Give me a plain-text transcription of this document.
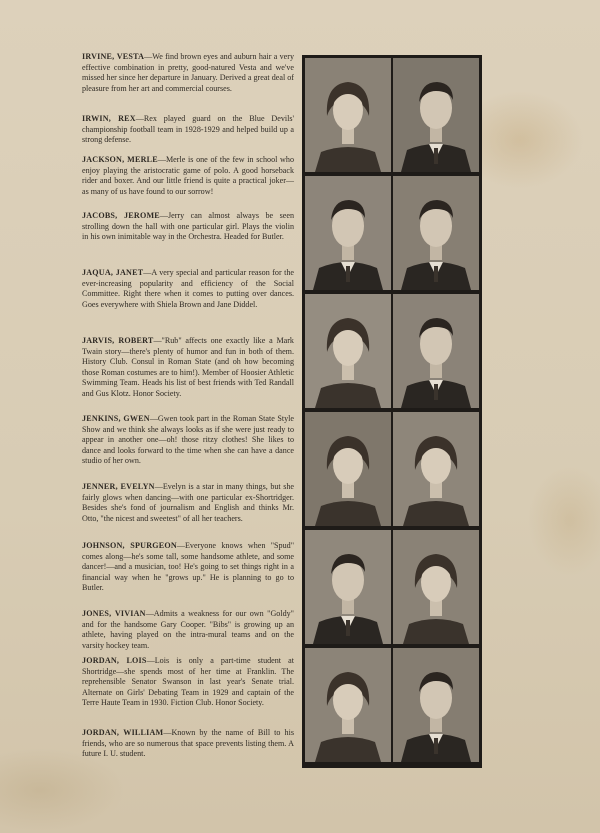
IRVINE, VESTA—We find brown eyes and auburn hair a very effective combination in pretty, good-natured Vesta and we've missed her since her departure in January. Derived a great deal of pleasure from her art and commercial courses.

IRWIN, REX—Rex played guard on the Blue Devils' championship football team in 1928-1929 and helped build up a strong defense.

JACKSON, MERLE—Merle is one of the few in school who enjoy playing the aristocratic game of polo. A good horseback rider and boxer. And our little friend is quite a practical joker—as many of us have found to our sorrow!

JACOBS, JEROME—Jerry can almost always be seen strolling down the hall with one particular girl. Plays the violin in his own inimitable way in the Orchestra. Headed for Butler.

JAQUA, JANET—A very special and particular reason for the ever-increasing popularity and efficiency of the Social Committee. Right there when it comes to putting over dances. Goes everywhere with Shiela Brown and Jane Diddel.

JARVIS, ROBERT—"Rub" affects one exactly like a Mark Twain story—there's plenty of humor and fun in both of them. History Club. Consul in Roman State (and oh how becoming those Roman costumes are to him!). Member of Hoosier Athletic Swimming Team. Heads his list of best friends with Ted Randall and Gus Klotz. Honor Society.

JENKINS, GWEN—Gwen took part in the Roman State Style Show and we think she always looks as if she were just ready to appear in another one—oh! those ritzy clothes! She likes to dance and looks forward to the time when she can have a dance studio of her own.

JENNER, EVELYN—Evelyn is a star in many things, but she fairly glows when dancing—with one particular ex-Shortridger. Besides she's fond of journalism and English and thinks Mr. Otto, "the nicest and sweetest" of all her teachers.

JOHNSON, SPURGEON—Everyone knows when "Spud" comes along—he's some tall, some handsome athlete, and some dancer!—and a musician, too! He's going to set things right in a financial way when he "grows up." He is planning to go to Butler.

JONES, VIVIAN—Admits a weakness for our own "Goldy" and for the handsome Gary Cooper. "Bibs" is growing up an athlete, having played on the intra-mural teams and on the varsity hockey team.

JORDAN, LOIS—Lois is only a part-time student at Shortridge—she spends most of her time at Franklin. The reprehensible Senator Swanson in last year's Senate trial. Alternate on Girls' Debating Team in 1929 and captain of the Terre Haute Team in 1930. Fiction Club. Honor Society.

JORDAN, WILLIAM—Known by the name of Bill to his friends, who are so numerous that space prevents listing them. A future I. U. student.
